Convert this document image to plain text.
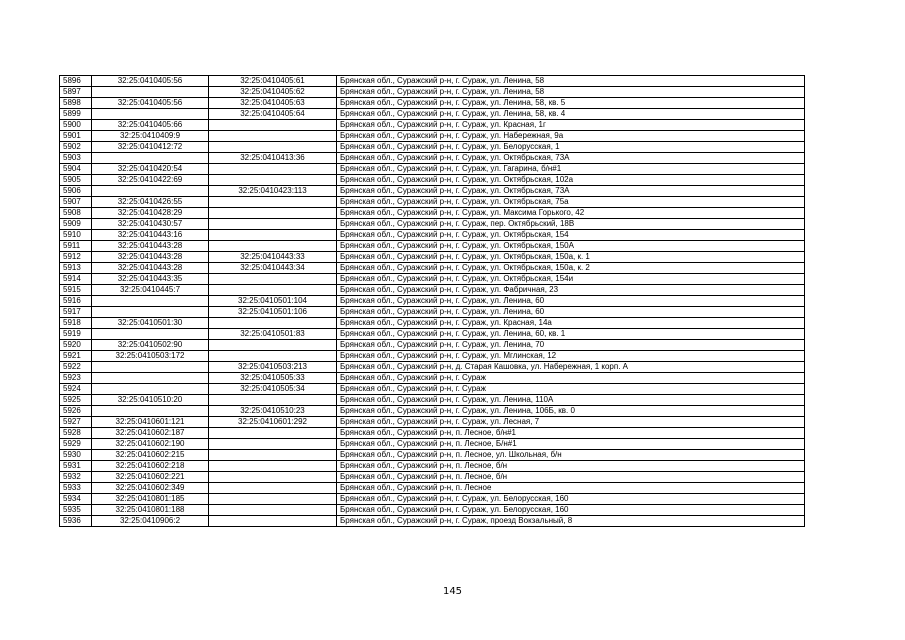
5896	32:25:0410405:56	32:25:0410405:61	Брянская обл., Суражский р-н, г. Сураж, ул. Ленина, 58
5897		32:25:0410405:62	Брянская обл., Суражский р-н, г. Сураж, ул. Ленина, 58
5898	32:25:0410405:56	32:25:0410405:63	Брянская обл., Суражский р-н, г. Сураж, ул. Ленина, 58, кв. 5
5899		32:25:0410405:64	Брянская обл., Суражский р-н, г. Сураж, ул. Ленина, 58, кв. 4
5900	32:25:0410405:66		Брянская обл., Суражский р-н, г. Сураж, ул. Красная, 1г
5901	32:25:0410409:9		Брянская обл., Суражский р-н, г. Сураж, ул. Набережная, 9а
5902	32:25:0410412:72		Брянская обл., Суражский р-н, г. Сураж, ул. Белорусская, 1
5903		32:25:0410413:36	Брянская обл., Суражский р-н, г. Сураж, ул. Октябрьская, 73А
5904	32:25:0410420:54		Брянская обл., Суражский р-н, г. Сураж, ул. Гагарина, б/н#1
5905	32:25:0410422:69		Брянская обл., Суражский р-н, г. Сураж, ул. Октябрьская, 102а
5906		32:25:0410423:113	Брянская обл., Суражский р-н, г. Сураж, ул. Октябрьская, 73А
5907	32:25:0410426:55		Брянская обл., Суражский р-н, г. Сураж, ул. Октябрьская, 75а
5908	32:25:0410428:29		Брянская обл., Суражский р-н, г. Сураж, ул. Максима Горького, 42
5909	32:25:0410430:57		Брянская обл., Суражский р-н, г. Сураж, пер. Октябрьский, 18В
5910	32:25:0410443:16		Брянская обл., Суражский р-н, г. Сураж, ул. Октябрьская, 154
5911	32:25:0410443:28		Брянская обл., Суражский р-н, г. Сураж, ул. Октябрьская, 150А
5912	32:25:0410443:28	32:25:0410443:33	Брянская обл., Суражский р-н, г. Сураж, ул. Октябрьская, 150а, к. 1
5913	32:25:0410443:28	32:25:0410443:34	Брянская обл., Суражский р-н, г. Сураж, ул. Октябрьская, 150а, к. 2
5914	32:25:0410443:35		Брянская обл., Суражский р-н, г. Сураж, ул. Октябрьская, 154и
5915	32:25:0410445:7		Брянская обл., Суражский р-н, г. Сураж, ул. Фабричная, 23
5916		32:25:0410501:104	Брянская обл., Суражский р-н, г. Сураж, ул. Ленина, 60
5917		32:25:0410501:106	Брянская обл., Суражский р-н, г. Сураж, ул. Ленина, 60
5918	32:25:0410501:30		Брянская обл., Суражский р-н, г. Сураж, ул. Красная, 14а
5919		32:25:0410501:83	Брянская обл., Суражский р-н, г. Сураж, ул. Ленина, 60, кв. 1
5920	32:25:0410502:90		Брянская обл., Суражский р-н, г. Сураж, ул. Ленина, 70
5921	32:25:0410503:172		Брянская обл., Суражский р-н, г. Сураж, ул. Мглинская, 12
5922		32:25:0410503:213	Брянская обл., Суражский р-н, д. Старая Кашовка, ул. Набережная, 1 корп. А
5923		32:25:0410505:33	Брянская обл., Суражский р-н, г. Сураж
5924		32:25:0410505:34	Брянская обл., Суражский р-н, г. Сураж
5925	32:25:0410510:20		Брянская обл., Суражский р-н, г. Сураж, ул. Ленина, 110А
5926		32:25:0410510:23	Брянская обл., Суражский р-н, г. Сураж, ул. Ленина, 106Б, кв. 0
5927	32:25:0410601:121	32:25:0410601:292	Брянская обл., Суражский р-н, г. Сураж, ул. Лесная, 7
5928	32:25:0410602:187		Брянская обл., Суражский р-н, п. Лесное, б/н#1
5929	32:25:0410602:190		Брянская обл., Суражский р-н, п. Лесное, Б/н#1
5930	32:25:0410602:215		Брянская обл., Суражский р-н, п. Лесное, ул. Школьная, б/н
5931	32:25:0410602:218		Брянская обл., Суражский р-н, п. Лесное, б/н
5932	32:25:0410602:221		Брянская обл., Суражский р-н, п. Лесное, б/н
5933	32:25:0410602:349		Брянская обл., Суражский р-н, п. Лесное
5934	32:25:0410801:185		Брянская обл., Суражский р-н, г. Сураж, ул. Белорусская, 160
5935	32:25:0410801:188		Брянская обл., Суражский р-н, г. Сураж, ул. Белорусская, 160
5936	32:25:0410906:2		Брянская обл., Суражский р-н, г. Сураж, проезд Вокзальный, 8
145
